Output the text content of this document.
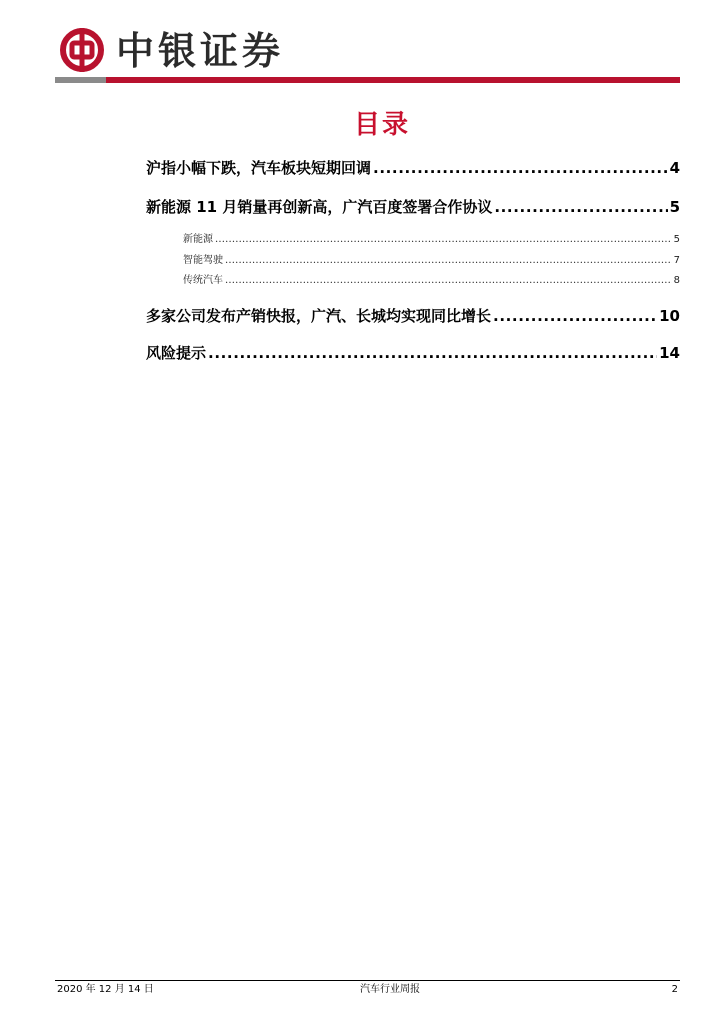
中银证券
目录
沪指小幅下跌，汽车板块短期回调 .....	4
新能源 11 月销量再创新高，广汽百度签署合作协议 .....	5
新能源 .....	5
智能驾驶 .....	7
传统汽车 .....	8
多家公司发布产销快报，广汽、长城均实现同比增长 .....	10
风险提示 .....	14
2020 年 12 月 14 日	汽车行业周报	2
